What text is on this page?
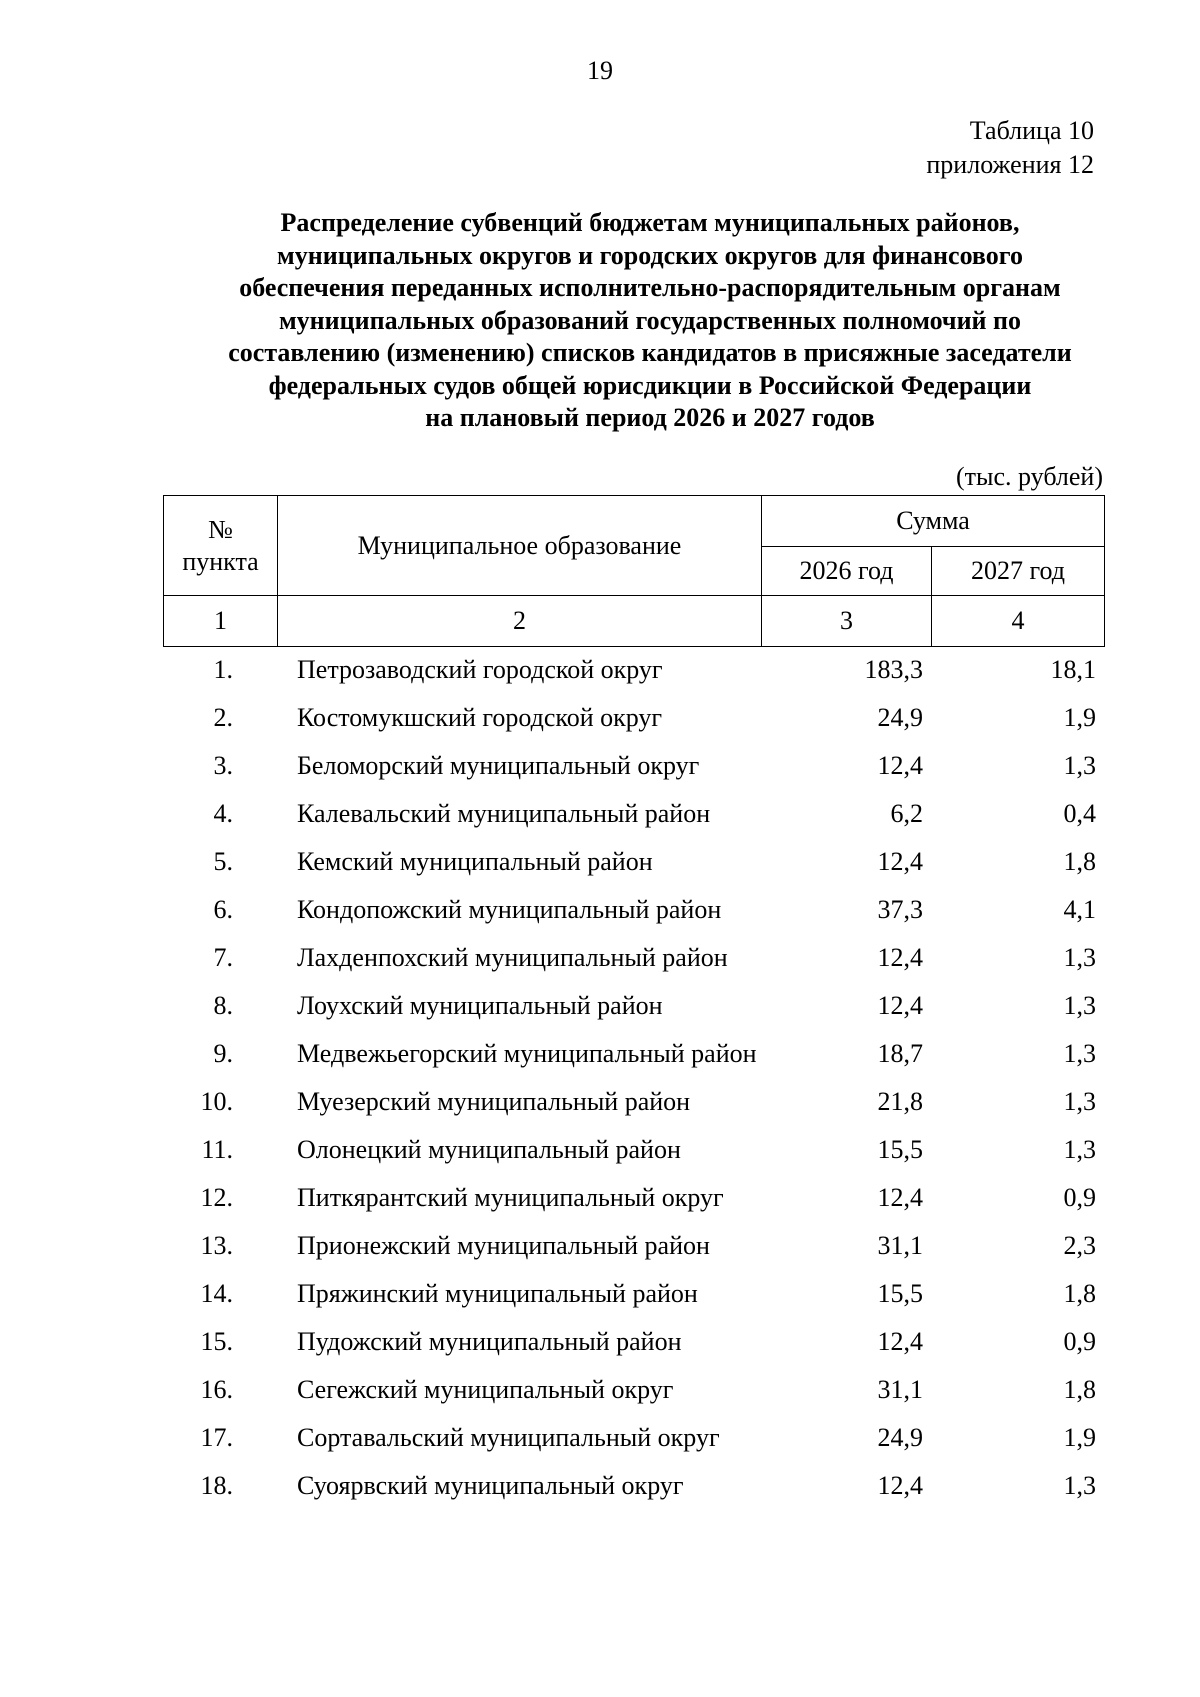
19
Таблица 10
приложения 12
Распределение субвенций бюджетам муниципальных районов,
муниципальных округов и городских округов для финансового
обеспечения переданных исполнительно-распорядительным органам
муниципальных образований государственных полномочий по
составлению (изменению) списков кандидатов в присяжные заседатели
федеральных судов общей юрисдикции в Российской Федерации
на плановый период 2026 и 2027 годов
(тыс. рублей)
№
пункта	Муниципальное образование	Сумма	
		2026 год	2027 год
1	2	3	4
1.	Петрозаводский городской округ	183,3	18,1
2.	Костомукшский городской округ	24,9	1,9
3.	Беломорский муниципальный округ	12,4	1,3
4.	Калевальский муниципальный район	6,2	0,4
5.	Кемский муниципальный район	12,4	1,8
6.	Кондопожский муниципальный район	37,3	4,1
7.	Лахденпохский муниципальный район	12,4	1,3
8.	Лоухский муниципальный район	12,4	1,3
9.	Медвежьегорский муниципальный район	18,7	1,3
10.	Муезерский муниципальный район	21,8	1,3
11.	Олонецкий муниципальный район	15,5	1,3
12.	Питкярантский муниципальный округ	12,4	0,9
13.	Прионежский муниципальный район	31,1	2,3
14.	Пряжинский муниципальный район	15,5	1,8
15.	Пудожский муниципальный район	12,4	0,9
16.	Сегежский муниципальный округ	31,1	1,8
17.	Сортавальский муниципальный округ	24,9	1,9
18.	Суоярвский муниципальный округ	12,4	1,3
